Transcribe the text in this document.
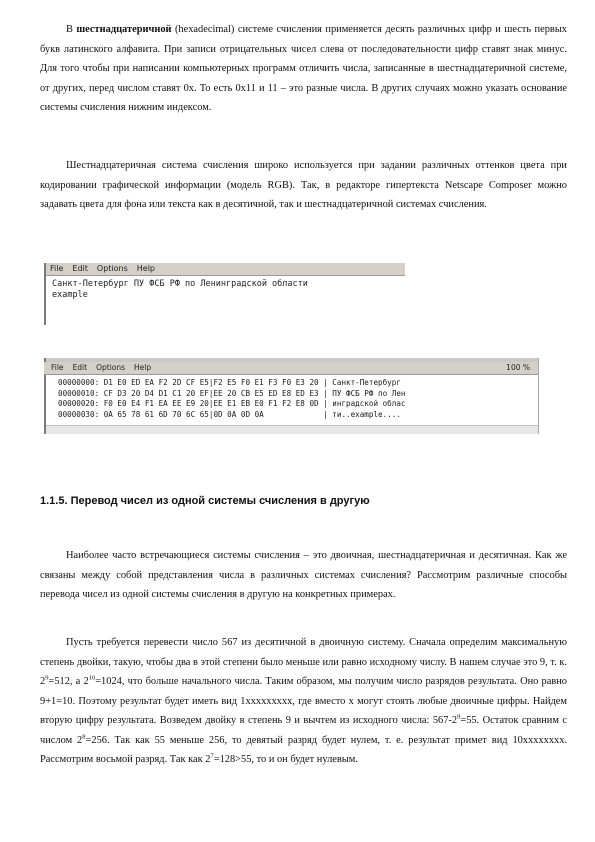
В шестнадцатеричной (hexadecimal) системе счисления применяется десять различных цифр и шесть первых букв латинского алфавита. При записи отрицательных чисел слева от последовательности цифр ставят знак минус. Для того чтобы при написании компьютерных программ отличить числа, записанные в шестнадцатеричной системе, от других, перед числом ставят 0x. То есть 0x11 и 11 – это разные числа. В других случаях можно указать основание системы счисления нижним индексом.

Шестнадцатеричная система счисления широко используется при задании различных оттенков цвета при кодировании графической информации (модель RGB). Так, в редакторе гипертекста Netscape Composer можно задавать цвета для фона или текста как в десятичной, так и шестнадцатеричной системах счисления.

File Edit Options Help
Санкт-Петербург ПУ ФСБ РФ по Ленинградской области
example
File Edit Options Help	100 %
00000000: D1 E0 ED EA F2 2D CF E5|F2 E5 F0 E1 F3 F0 E3 20 | Санкт-Петербург
00000010: CF D3 20 D4 D1 C1 20 EF|EE 20 CB E5 ED E8 ED E3 | ПУ ФСБ РФ по Лен
00000020: F0 E0 E4 F1 EA EE E9 20|EE E1 EB E0 F1 F2 E8 0D | инградской облас
00000030: 0A 65 78 61 6D 70 6C 65|0D 0A 0D 0A             | ти..example....
1.1.5. Перевод чисел из одной системы счисления в другую

Наиболее часто встречающиеся системы счисления – это двоичная, шестнадцатеричная и десятичная. Как же связаны между собой представления числа в различных системах счисления? Рассмотрим различные способы перевода чисел из одной системы счисления в другую на конкретных примерах.

Пусть требуется перевести число 567 из десятичной в двоичную систему. Сначала определим максимальную степень двойки, такую, чтобы два в этой степени было меньше или равно исходному числу. В нашем случае это 9, т. к. $2^9=512$, а $2^{10}=1024$, что больше начального числа. Таким образом, мы получим число разрядов результата. Оно равно 9+1=10. Поэтому результат будет иметь вид 1xxxxxxxxx, где вместо x могут стоять любые двоичные цифры. Найдем вторую цифру результата. Возведем двойку в степень 9 и вычтем из исходного числа: $567-2^9=55$. Остаток сравним с числом $2^8=256$. Так как 55 меньше 256, то девятый разряд будет нулем, т. е. результат примет вид 10xxxxxxxx. Рассмотрим восьмой разряд. Так как $2^7=128>55$, то и он будет нулевым.
